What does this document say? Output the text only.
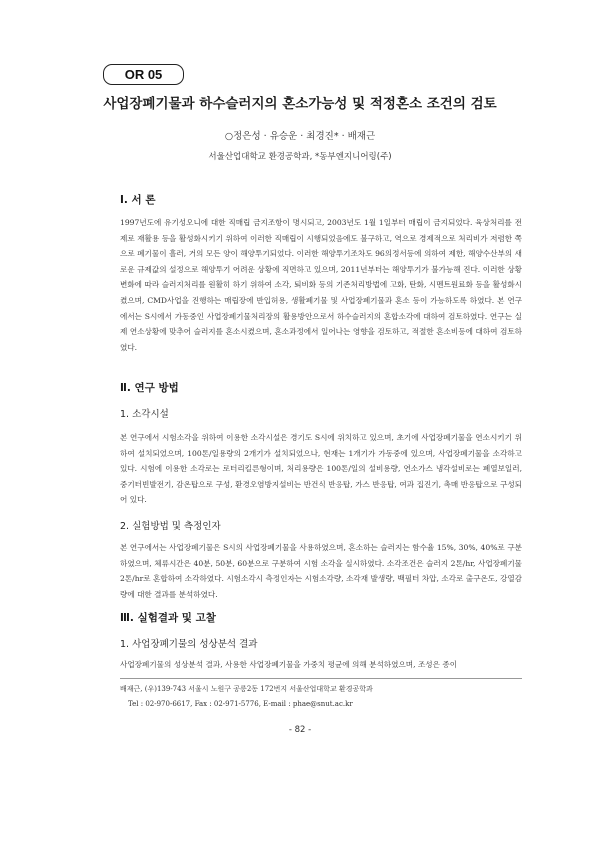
OR 05
사업장폐기물과 하수슬러지의 혼소가능성 및 적정혼소 조건의 검토
○정은성 · 유승운 · 최경진* · 배재근
서울산업대학교 환경공학과, *동부엔지니어링(주)
Ⅰ. 서 론

1997년도에 유기성오니에 대한 직매립 금지조항이 명시되고, 2003년도 1월 1일부터 매립이 금지되었다. 육상처리를 전제로 재활용 등을 활성화시키기 위하여 이러한 직매립이 시행되었음에도 불구하고, 역으로 경제적으로 처리비가 저렴한 쪽으로 폐기물이 흘러, 거의 모든 양이 해양투기되었다. 이러한 해양투기조차도 96의정서등에 의하여 제한, 해양수산부의 새로운 규제값의 설정으로 해양투기 어려운 상황에 직면하고 있으며, 2011년부터는 해양투기가 불가능해 진다. 이러한 상황변화에 따라 슬러지처리를 원활히 하기 위하여 소각, 퇴비화 등의 기존처리방법에 고화, 탄화, 시멘트원료화 등을 활성화시켰으며, CMD사업을 진행하는 매립장에 반입허용, 생활폐기물 및 사업장폐기물과 혼소 등이 가능하도록 하였다. 본 연구에서는 S시에서 가동중인 사업장폐기물처리장의 활용방안으로서 하수슬러지의 혼합소각에 대하여 검토하였다. 연구는 실제 연소상황에 맞추어 슬러지를 혼소시켰으며, 혼소과정에서 일어나는 영향을 검토하고, 적절한 혼소비등에 대하여 검토하였다.

Ⅱ. 연구 방법
1. 소각시설

본 연구에서 시험소각을 위하여 이용한 소각시설은 경기도 S시에 위치하고 있으며, 초기에 사업장폐기물을 연소시키기 위하여 설치되었으며, 100톤/일용량의 2개기가 설치되었으나, 현재는 1개기가 가동중에 있으며, 사업장폐기물을 소각하고 있다. 시험에 이용한 소각로는 로터리킬른형이며, 처리용량은 100톤/일의 설비용량, 연소가스 냉각설비로는 폐열보일러, 중기터빈발전기, 감온탑으로 구성, 환경오염방지설비는 반건식 반응탑, 가스 반응탑, 여과 집진기, 촉매 반응탑으로 구성되어 있다.

2. 실험방법 및 측정인자

본 연구에서는 사업장폐기물은 S시의 사업장폐기물을 사용하였으며, 혼소하는 슬러지는 함수율 15%, 30%, 40%로 구분하였으며, 체류시간은 40분, 50분, 60분으로 구분하여 시험 소각을 실시하였다. 소각조건은 슬러지 2톤/hr, 사업장폐기물 2톤/hr로 혼합하여 소각하였다. 시험소각시 측정인자는 시험소각량, 소각재 발생량, 백필터 차압, 소각로 출구온도, 강열감량에 대한 결과를 분석하였다.

Ⅲ. 실험결과 및 고찰
1. 사업장폐기물의 성상분석 결과

사업장폐기물의 성상분석 결과, 사용한 사업장폐기물을 가중치 평균에 의해 분석하였으며, 조성은 종이

배재근, (우)139-743 서울시 노원구 공릉2동 172번지 서울산업대학교 환경공학과
Tel : 02-970-6617, Fax : 02-971-5776, E-mail : phae@snut.ac.kr
- 82 -
